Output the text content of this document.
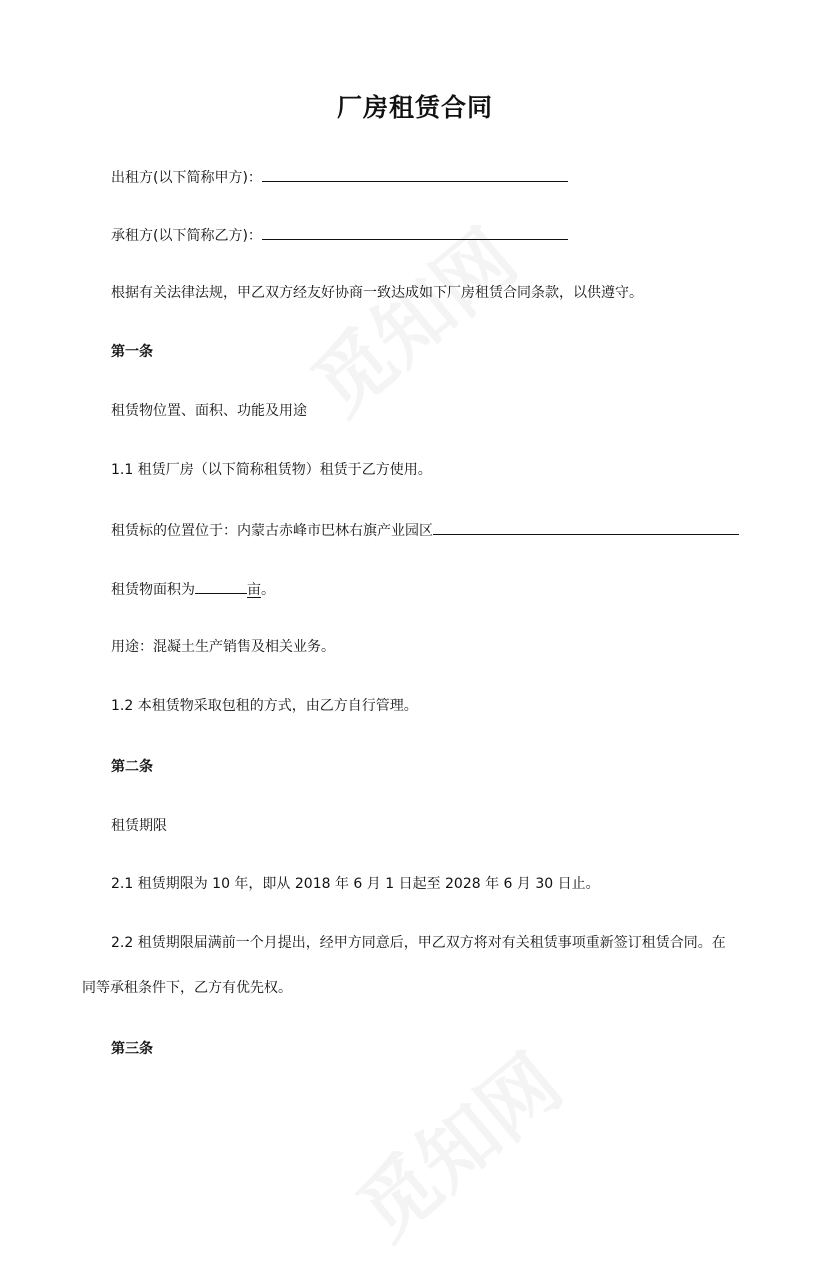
厂房租赁合同
出租方(以下简称甲方)：
承租方(以下简称乙方)：
根据有关法律法规，甲乙双方经友好协商一致达成如下厂房租赁合同条款，以供遵守。
第一条
租赁物位置、面积、功能及用途
1.1 租赁厂房（以下简称租赁物）租赁于乙方使用。
租赁标的位置位于：内蒙古赤峰市巴林右旗产业园区
租赁物面积为	亩。
用途：混凝土生产销售及相关业务。
1.2 本租赁物采取包租的方式，由乙方自行管理。
第二条
租赁期限
2.1 租赁期限为 10 年，即从 2018 年 6 月 1 日起至 2028 年 6 月 30 日止。
2.2 租赁期限届满前一个月提出，经甲方同意后，甲乙双方将对有关租赁事项重新签订租赁合同。在
同等承租条件下，乙方有优先权。
第三条
